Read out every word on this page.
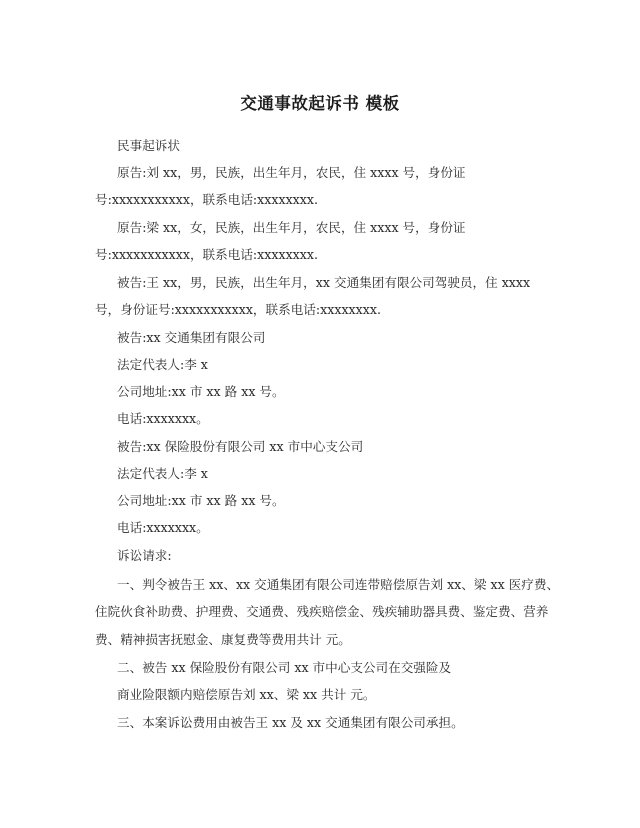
交通事故起诉书 模板
民事起诉状
原告:刘 xx，男，民族，出生年月，农民，住 xxxx 号，身份证
号:xxxxxxxxxxx，联系电话:xxxxxxxx.
原告:梁 xx，女，民族，出生年月，农民，住 xxxx 号，身份证
号:xxxxxxxxxxx，联系电话:xxxxxxxx.
被告:王 xx，男，民族，出生年月，xx 交通集团有限公司驾驶员，住 xxxx
号，身份证号:xxxxxxxxxxx，联系电话:xxxxxxxx.
被告:xx 交通集团有限公司
法定代表人:李 x
公司地址:xx 市 xx 路 xx 号。
电话:xxxxxxx。
被告:xx 保险股份有限公司 xx 市中心支公司
法定代表人:李 x
公司地址:xx 市 xx 路 xx 号。
电话:xxxxxxx。
诉讼请求:
一、判令被告王 xx、xx 交通集团有限公司连带赔偿原告刘 xx、梁 xx 医疗费、
住院伙食补助费、护理费、交通费、残疾赔偿金、残疾辅助器具费、鉴定费、营养
费、精神损害抚慰金、康复费等费用共计 元。
二、被告 xx 保险股份有限公司 xx 市中心支公司在交强险及
商业险限额内赔偿原告刘 xx、梁 xx 共计 元。
三、本案诉讼费用由被告王 xx 及 xx 交通集团有限公司承担。
